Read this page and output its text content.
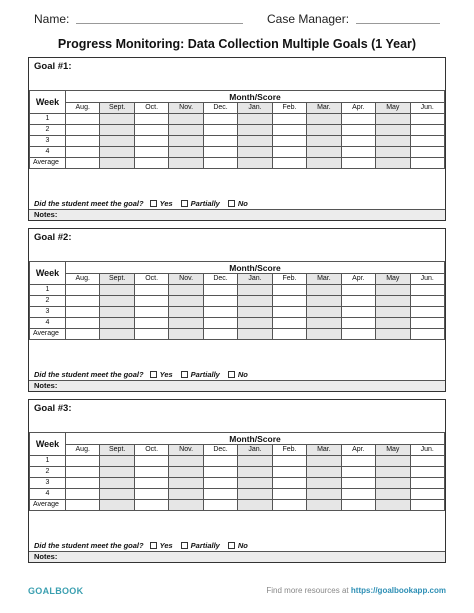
Name:	Case Manager:
Progress Monitoring: Data Collection Multiple Goals (1 Year)
Goal #1:
Week	Month/Score										
	Aug.	Sept.	Oct.	Nov.	Dec.	Jan.	Feb.	Mar.	Apr.	May	Jun.
1											
2											
3											
4											
Average											
Did the student meet the goal? Yes Partially No
Notes:
Goal #2:
Week	Month/Score										
	Aug.	Sept.	Oct.	Nov.	Dec.	Jan.	Feb.	Mar.	Apr.	May	Jun.
1											
2											
3											
4											
Average											
Did the student meet the goal? Yes Partially No
Notes:
Goal #3:
Week	Month/Score										
	Aug.	Sept.	Oct.	Nov.	Dec.	Jan.	Feb.	Mar.	Apr.	May	Jun.
1											
2											
3											
4											
Average											
Did the student meet the goal? Yes Partially No
Notes:
GOALBOOK	Find more resources at https://goalbookapp.com
